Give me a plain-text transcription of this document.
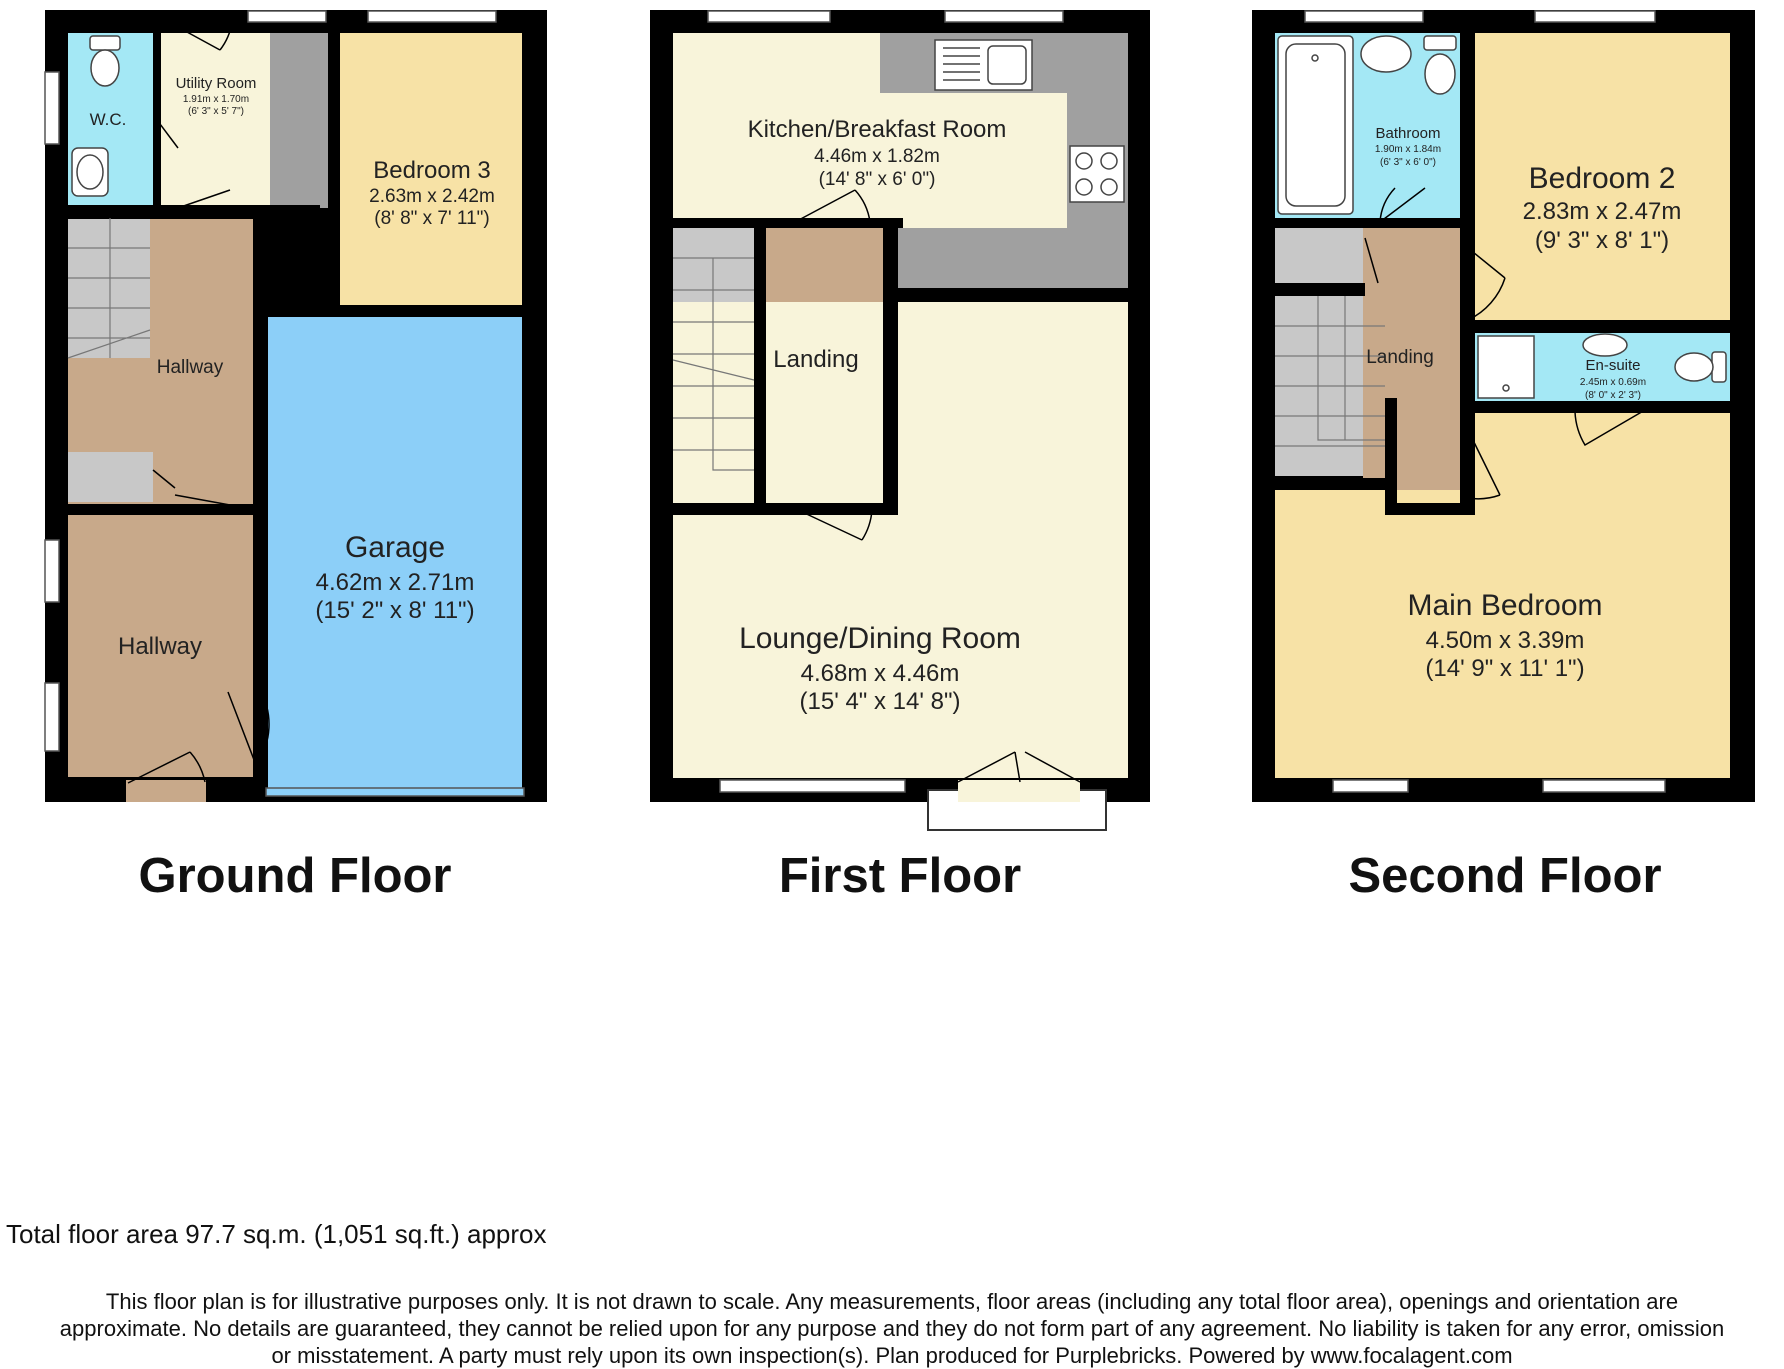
W.C.
Utility Room
1.91m x 1.70m
(6' 3" x 5' 7")
Bedroom 3
2.63m x 2.42m
(8' 8" x 7' 11")
Hallway
Hallway
Garage
4.62m x 2.71m
(15' 2" x 8' 11")
Kitchen/Breakfast Room
4.46m x 1.82m
(14' 8" x 6' 0")
Landing
Lounge/Dining Room
4.68m x 4.46m
(15' 4" x 14' 8")
Bathroom
1.90m x 1.84m
(6' 3" x 6' 0")	Bedroom 2
2.83m x 2.47m
(9' 3" x 8' 1")
Landing	En-suite
2.45m x 0.69m
(8' 0" x 2' 3")
Main Bedroom
4.50m x 3.39m
(14' 9" x 11' 1")
Ground Floor	First Floor	Second Floor
Total floor area 97.7 sq.m. (1,051 sq.ft.) approx
This floor plan is for illustrative purposes only. It is not drawn to scale. Any measurements, floor areas (including any total floor area), openings and orientation are
approximate. No details are guaranteed, they cannot be relied upon for any purpose and they do not form part of any agreement. No liability is taken for any error, omission
or misstatement. A party must rely upon its own inspection(s). Plan produced for Purplebricks. Powered by www.focalagent.com
